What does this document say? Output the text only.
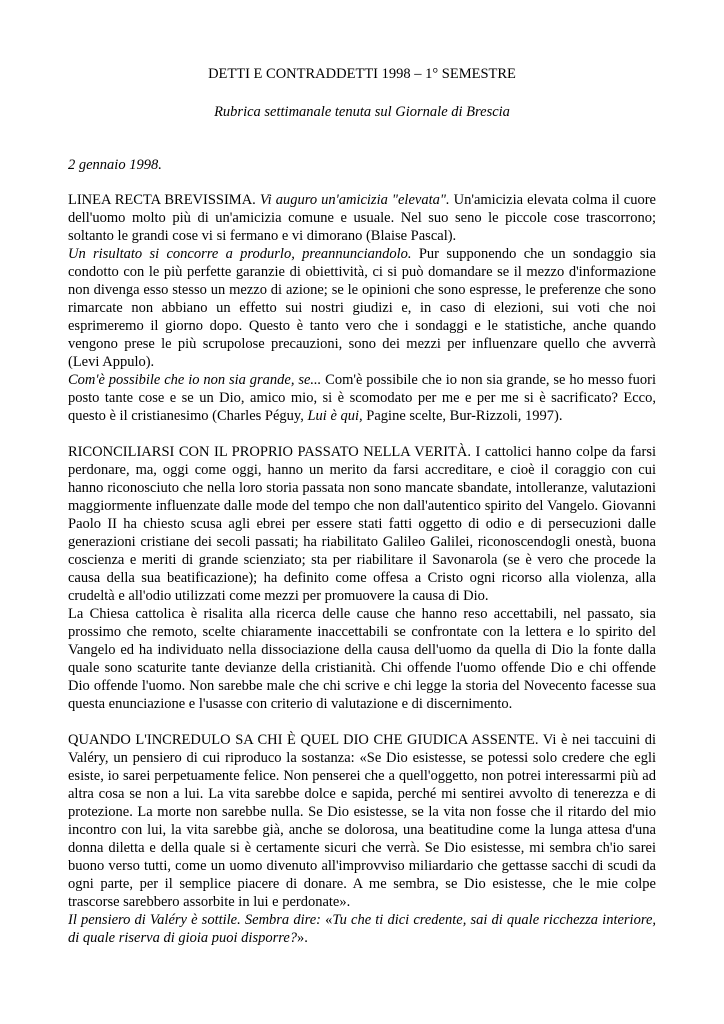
DETTI E CONTRADDETTI 1998 – 1° SEMESTRE
Rubrica settimanale tenuta sul Giornale di Brescia
2 gennaio 1998.

LINEA RECTA BREVISSIMA. Vi auguro un'amicizia "elevata". Un'amicizia elevata colma il cuore dell'uomo molto più di un'amicizia comune e usuale. Nel suo seno le piccole cose trascorrono; soltanto le grandi cose vi si fermano e vi dimorano (Blaise Pascal).

Un risultato si concorre a produrlo, preannunciandolo. Pur supponendo che un sondaggio sia condotto con le più perfette garanzie di obiettività, ci si può domandare se il mezzo d'informazione non divenga esso stesso un mezzo di azione; se le opinioni che sono espresse, le preferenze che sono rimarcate non abbiano un effetto sui nostri giudizi e, in caso di elezioni, sui voti che noi esprimeremo il giorno dopo. Questo è tanto vero che i sondaggi e le statistiche, anche quando vengono prese le più scrupolose precauzioni, sono dei mezzi per influenzare quello che avverrà (Levi Appulo).

Com'è possibile che io non sia grande, se... Com'è possibile che io non sia grande, se ho messo fuori posto tante cose e se un Dio, amico mio, si è scomodato per me e per me si è sacrificato? Ecco, questo è il cristianesimo (Charles Péguy, Lui è qui, Pagine scelte, Bur-Rizzoli, 1997).

RICONCILIARSI CON IL PROPRIO PASSATO NELLA VERITÀ. I cattolici hanno colpe da farsi perdonare, ma, oggi come oggi, hanno un merito da farsi accreditare, e cioè il coraggio con cui hanno riconosciuto che nella loro storia passata non sono mancate sbandate, intolleranze, valutazioni maggiormente influenzate dalle mode del tempo che non dall'autentico spirito del Vangelo. Giovanni Paolo II ha chiesto scusa agli ebrei per essere stati fatti oggetto di odio e di persecuzioni dalle generazioni cristiane dei secoli passati; ha riabilitato Galileo Galilei, riconoscendogli onestà, buona coscienza e meriti di grande scienziato; sta per riabilitare il Savonarola (se è vero che procede la causa della sua beatificazione); ha definito come offesa a Cristo ogni ricorso alla violenza, alla crudeltà e all'odio utilizzati come mezzi per promuovere la causa di Dio.

La Chiesa cattolica è risalita alla ricerca delle cause che hanno reso accettabili, nel passato, sia prossimo che remoto, scelte chiaramente inaccettabili se confrontate con la lettera e lo spirito del Vangelo ed ha individuato nella dissociazione della causa dell'uomo da quella di Dio la fonte dalla quale sono scaturite tante devianze della cristianità. Chi offende l'uomo offende Dio e chi offende Dio offende l'uomo. Non sarebbe male che chi scrive e chi legge la storia del Novecento facesse sua questa enunciazione e l'usasse con criterio di valutazione e di discernimento.

QUANDO L'INCREDULO SA CHI È QUEL DIO CHE GIUDICA ASSENTE. Vi è nei taccuini di Valéry, un pensiero di cui riproduco la sostanza: «Se Dio esistesse, se potessi solo credere che egli esiste, io sarei perpetuamente felice. Non penserei che a quell'oggetto, non potrei interessarmi più ad altra cosa se non a lui. La vita sarebbe dolce e sapida, perché mi sentirei avvolto di tenerezza e di protezione. La morte non sarebbe nulla. Se Dio esistesse, se la vita non fosse che il ritardo del mio incontro con lui, la vita sarebbe già, anche se dolorosa, una beatitudine come la lunga attesa d'una donna diletta e della quale si è certamente sicuri che verrà. Se Dio esistesse, mi sembra ch'io sarei buono verso tutti, come un uomo divenuto all'improvviso miliardario che gettasse sacchi di scudi da ogni parte, per il semplice piacere di donare. A me sembra, se Dio esistesse, che le mie colpe trascorse sarebbero assorbite in lui e perdonate».

Il pensiero di Valéry è sottile. Sembra dire: «Tu che ti dici credente, sai di quale ricchezza interiore, di quale riserva di gioia puoi disporre?».
